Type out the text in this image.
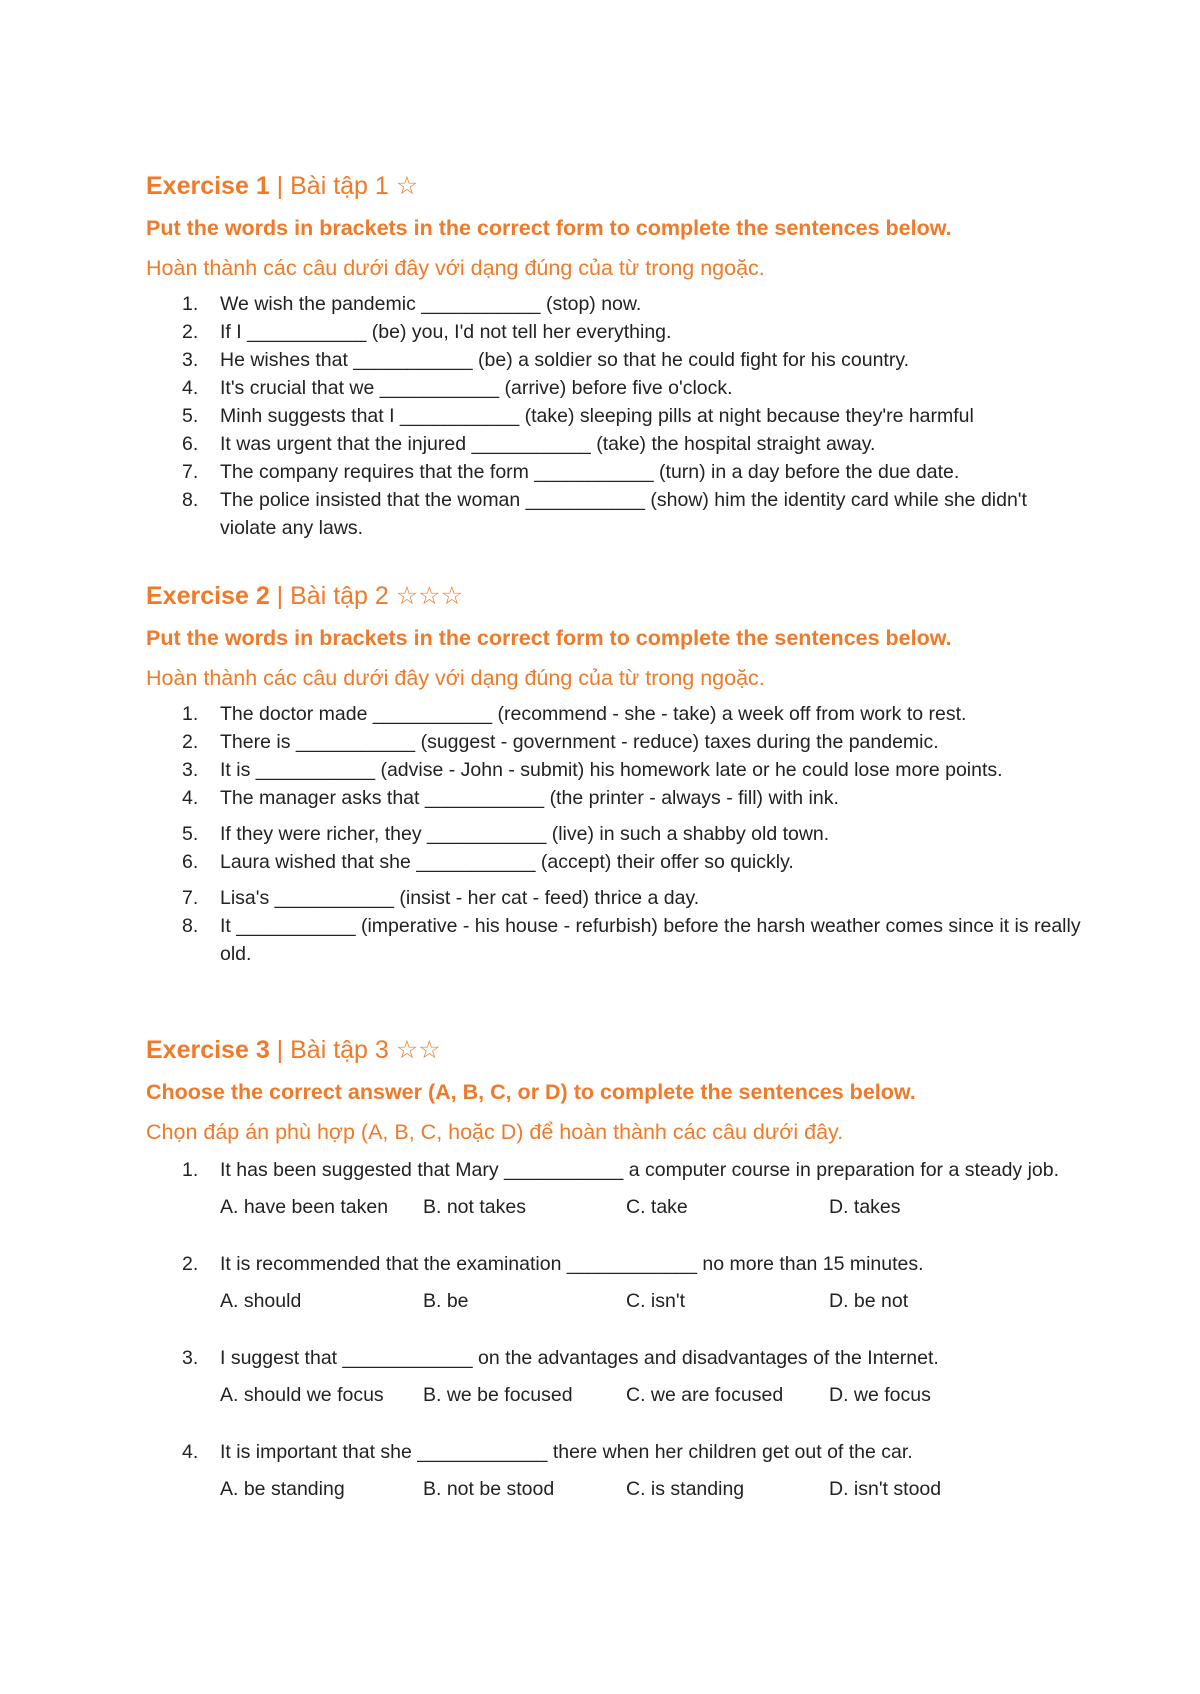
Exercise 1 | Bài tập 1 ☆

Put the words in brackets in the correct form to complete the sentences below.

Hoàn thành các câu dưới đây với dạng đúng của từ trong ngoặc.

1. We wish the pandemic ___________ (stop) now.
2. If I ___________ (be) you, I'd not tell her everything.
3. He wishes that ___________ (be) a soldier so that he could fight for his country.
4. It's crucial that we ___________ (arrive) before five o'clock.
5. Minh suggests that I ___________ (take) sleeping pills at night because they're harmful
6. It was urgent that the injured ___________ (take) the hospital straight away.
7. The company requires that the form ___________ (turn) in a day before the due date.
8. The police insisted that the woman ___________ (show) him the identity card while she didn't violate any laws.
Exercise 2 | Bài tập 2 ☆☆☆

Put the words in brackets in the correct form to complete the sentences below.

Hoàn thành các câu dưới đây với dạng đúng của từ trong ngoặc.

1. The doctor made ___________ (recommend - she - take) a week off from work to rest.
2. There is ___________ (suggest - government - reduce) taxes during the pandemic.
3. It is ___________ (advise - John - submit) his homework late or he could lose more points.
4. The manager asks that ___________ (the printer - always - fill) with ink.
5. If they were richer, they ___________ (live) in such a shabby old town.
6. Laura wished that she ___________ (accept) their offer so quickly.
7. Lisa's ___________ (insist - her cat - feed) thrice a day.
8. It ___________ (imperative - his house - refurbish) before the harsh weather comes since it is really old.
Exercise 3 | Bài tập 3 ☆☆

Choose the correct answer (A, B, C, or D) to complete the sentences below.

Chọn đáp án phù hợp (A, B, C, hoặc D) để hoàn thành các câu dưới đây.

1. It has been suggested that Mary ___________ a computer course in preparation for a steady job.
A. have been taken	B. not takes	C. take	D. takes
2. It is recommended that the examination ____________ no more than 15 minutes.
A. should	B. be	C. isn't	D. be not
3. I suggest that ____________ on the advantages and disadvantages of the Internet.
A. should we focus	B. we be focused	C. we are focused	D. we focus
4. It is important that she ____________ there when her children get out of the car.
A. be standing	B. not be stood	C. is standing	D. isn't stood
